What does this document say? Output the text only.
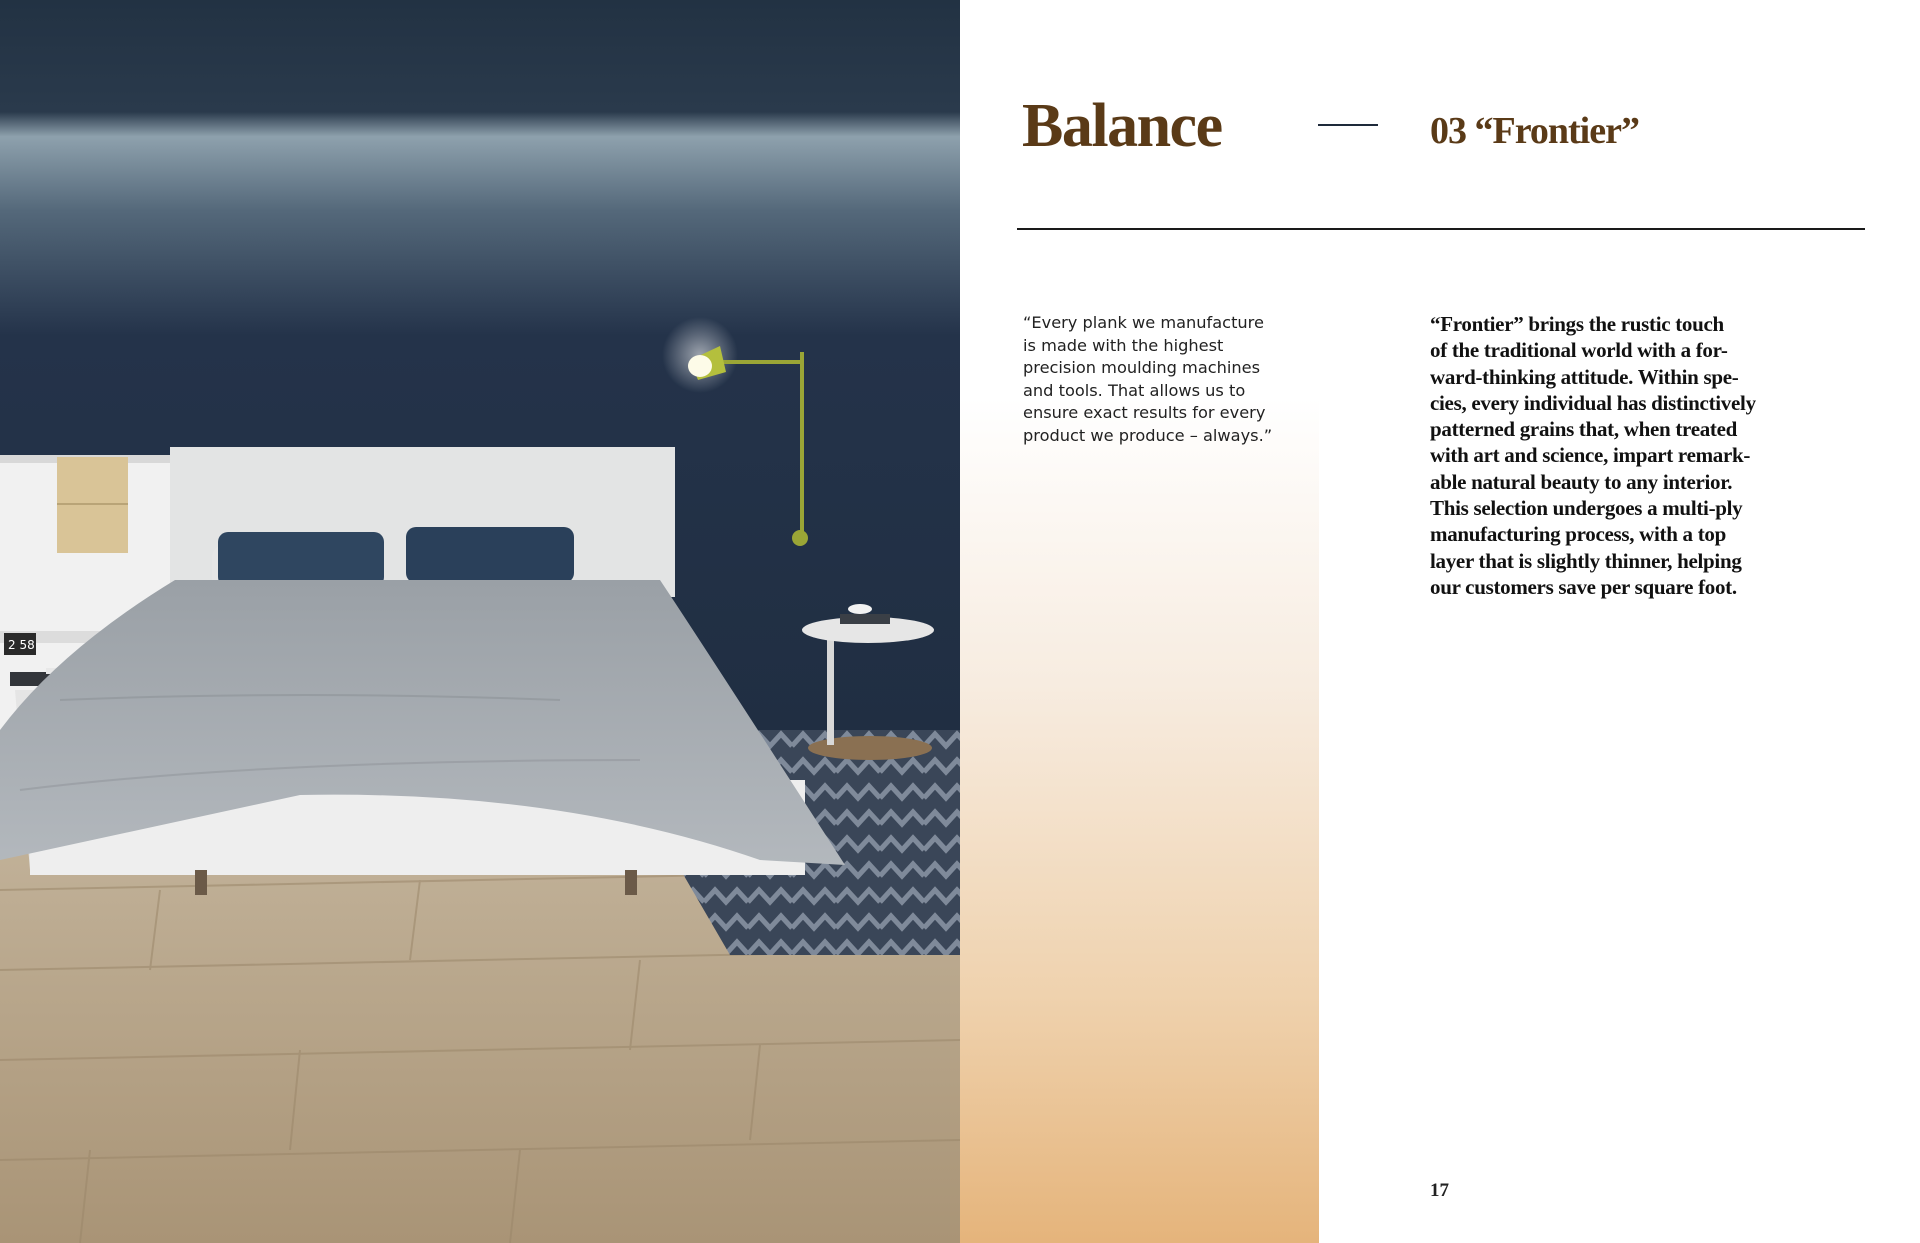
2 58
Balance	03 “Frontier”

“Every plank we manufacture is made with the highest precision moulding machines and tools. That allows us to ensure exact results for every product we produce – always.”

“Frontier” brings the rustic touch
of the traditional world with a for-
ward-thinking attitude. Within spe-
cies, every individual has distinctively
patterned grains that, when treated
with art and science, impart remark-
able natural beauty to any interior.
This selection undergoes a multi-ply
manufacturing process, with a top
layer that is slightly thinner, helping
our customers save per square foot.

17
